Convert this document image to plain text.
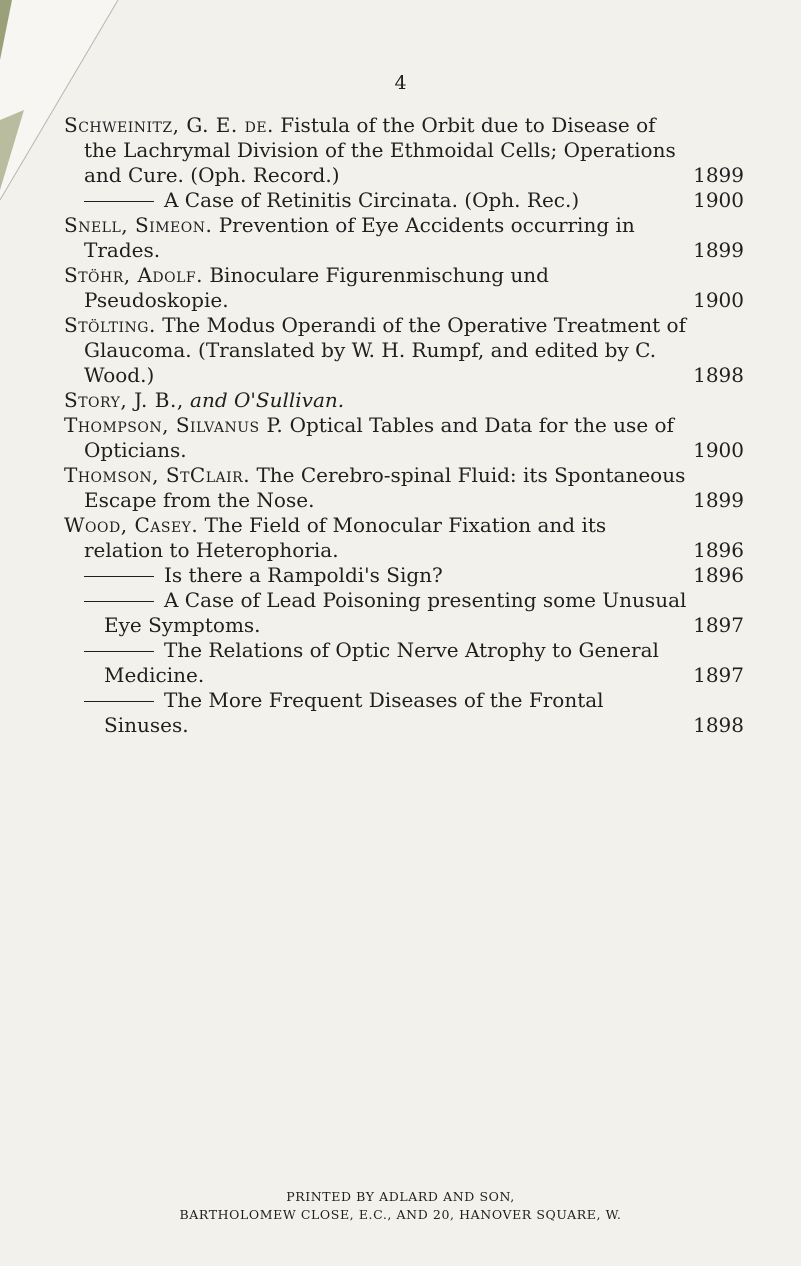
4
Schweinitz, G. E. de. Fistula of the Orbit due to Disease of the Lachrymal Division of the Ethmoidal Cells; Operations and Cure. (Oph. Record.)	1899
A Case of Retinitis Circinata. (Oph. Rec.)	1900
Snell, Simeon. Prevention of Eye Accidents occurring in Trades.	1899
Stöhr, Adolf. Binoculare Figurenmischung und Pseudoskopie.	1900
Stölting. The Modus Operandi of the Operative Treatment of Glaucoma. (Translated by W. H. Rumpf, and edited by C. Wood.)	1898
Story, J. B., and O'Sullivan.
Thompson, Silvanus P. Optical Tables and Data for the use of Opticians.	1900
Thomson, StClair. The Cerebro-spinal Fluid: its Spontaneous Escape from the Nose.	1899
Wood, Casey. The Field of Monocular Fixation and its relation to Heterophoria.	1896
Is there a Rampoldi's Sign?	1896
A Case of Lead Poisoning presenting some Unusual Eye Symptoms.	1897
The Relations of Optic Nerve Atrophy to General Medicine.	1897
The More Frequent Diseases of the Frontal Sinuses.	1898
PRINTED BY ADLARD AND SON,
BARTHOLOMEW CLOSE, E.C., AND 20, HANOVER SQUARE, W.
